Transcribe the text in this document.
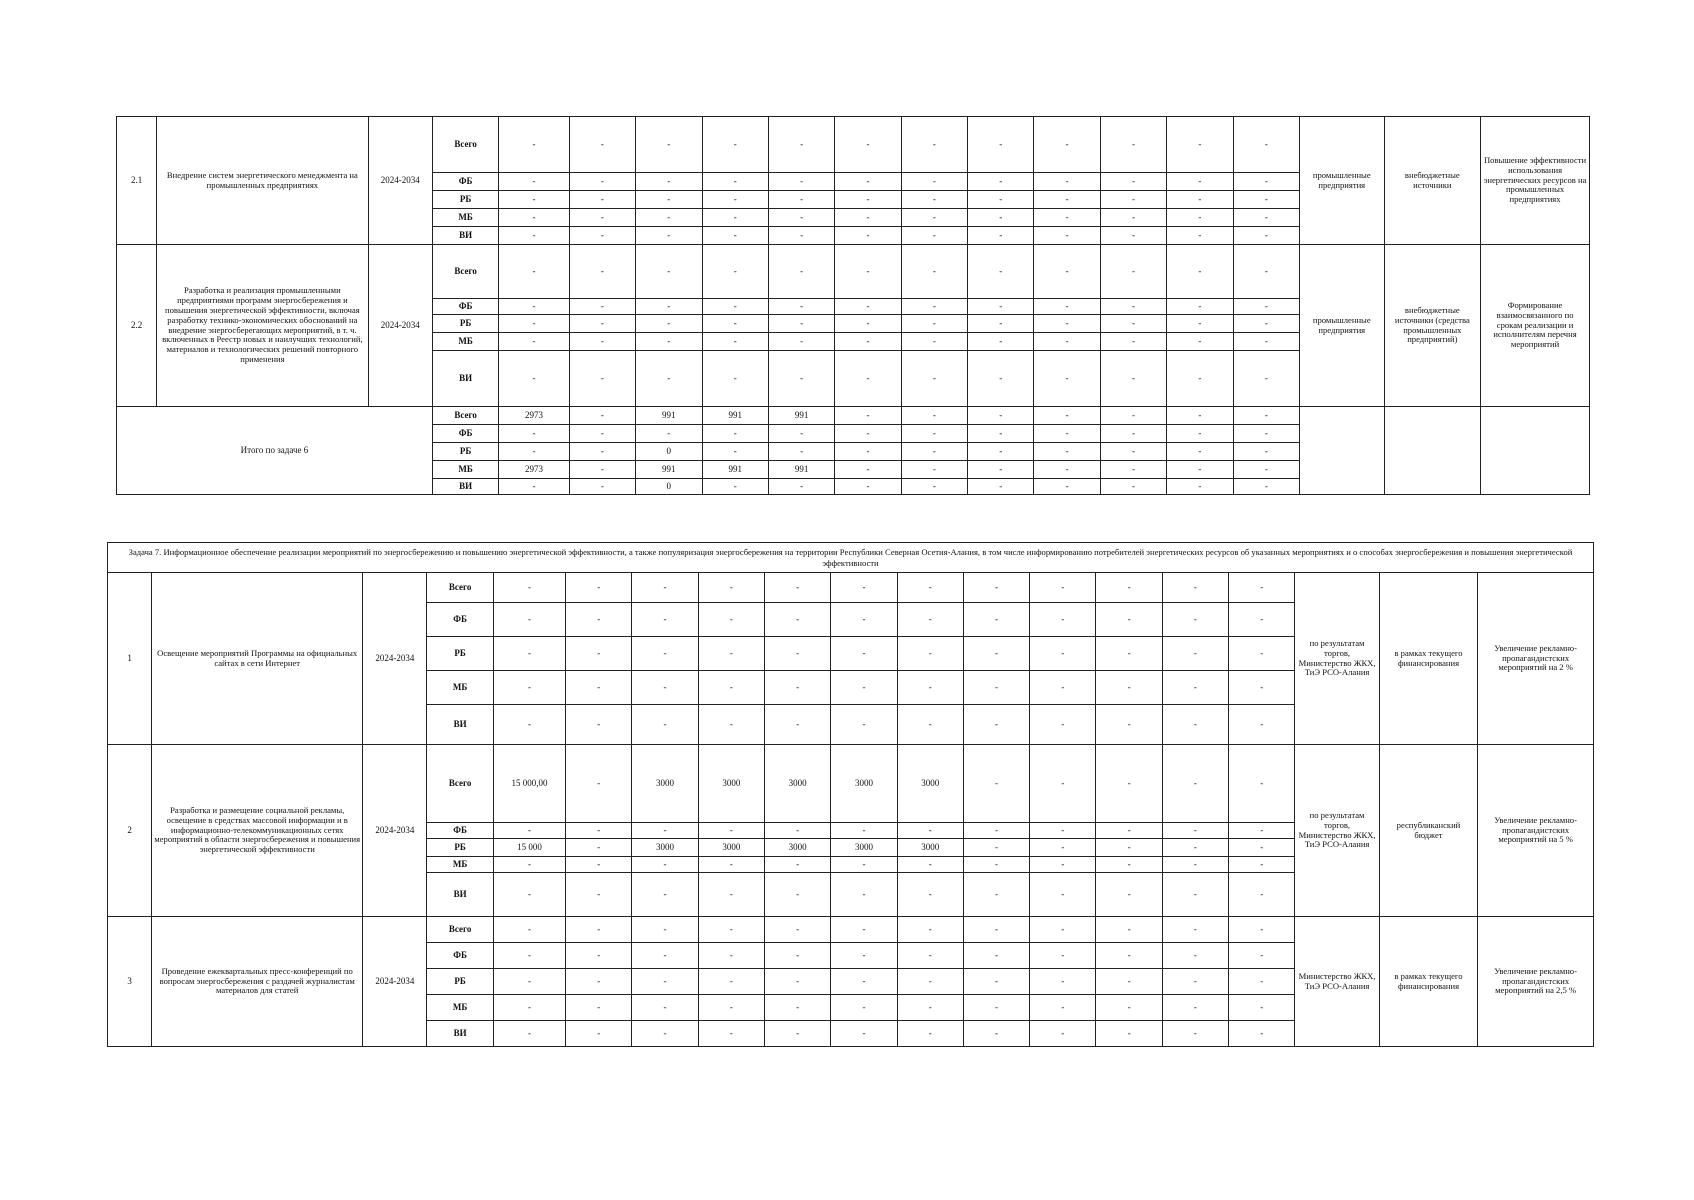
2.1	Внедрение систем энергетического менеджмента на промышленных предприятиях	2024-2034	Всего	-	-	-	-	-	-	-	-	-	-	-	-	промышленные предприятия	внебюджетные источники	Повышение эффективности использования энергетических ресурсов на промышленных предприятиях
			ФБ	-	-	-	-	-	-	-	-	-	-	-	-			
			РБ	-	-	-	-	-	-	-	-	-	-	-	-			
			МБ	-	-	-	-	-	-	-	-	-	-	-	-			
			ВИ	-	-	-	-	-	-	-	-	-	-	-	-			
2.2	Разработка и реализация промышленными предприятиями программ энергосбережения и повышения энергетической эффективности, включая разработку технико-экономических обоснований на внедрение энергосберегающих мероприятий, в т. ч. включенных в Реестр новых и наилучших технологий, материалов и технологических решений повторного применения	2024-2034	Всего	-	-	-	-	-	-	-	-	-	-	-	-	промышленные предприятия	внебюджетные источники (средства промышленных предприятий)	Формирование взаимосвязанного по срокам реализации и исполнителям перечня мероприятий
			ФБ	-	-	-	-	-	-	-	-	-	-	-	-			
			РБ	-	-	-	-	-	-	-	-	-	-	-	-			
			МБ	-	-	-	-	-	-	-	-	-	-	-	-			
			ВИ	-	-	-	-	-	-	-	-	-	-	-	-			
Итого по задаче 6			Всего	2973	-	991	991	991	-	-	-	-	-	-	-			
			ФБ	-	-	-	-	-	-	-	-	-	-	-	-			
			РБ	-	-	0	-	-	-	-	-	-	-	-	-			
			МБ	2973	-	991	991	991	-	-	-	-	-	-	-			
			ВИ	-	-	0	-	-	-	-	-	-	-	-	-			
Задача 7. Информационное обеспечение реализации мероприятий по энергосбережению и повышению энергетической эффективности, а также популяризация энергосбережения на территории Республики Северная Осетия-Алания, в том числе информированию потребителей энергетических ресурсов об указанных мероприятиях и о способах энергосбережения и повышения энергетической эффективности																		
1	Освещение мероприятий Программы на официальных сайтах в сети Интернет	2024-2034	Всего	-	-	-	-	-	-	-	-	-	-	-	-	по результатам торгов, Министерство ЖКХ, ТиЭ РСО-Алания	в рамках текущего финансирования	Увеличение рекламно-пропагандистских мероприятий на 2 %
			ФБ	-	-	-	-	-	-	-	-	-	-	-	-			
			РБ	-	-	-	-	-	-	-	-	-	-	-	-			
			МБ	-	-	-	-	-	-	-	-	-	-	-	-			
			ВИ	-	-	-	-	-	-	-	-	-	-	-	-			
2	Разработка и размещение социальной рекламы, освещение в средствах массовой информации и в информационно-телекоммуникационных сетях мероприятий в области энергосбережения и повышения энергетической эффективности	2024-2034	Всего	15 000,00	-	3000	3000	3000	3000	3000	-	-	-	-	-	по результатам торгов, Министерство ЖКХ, ТиЭ РСО-Алания	республиканский бюджет	Увеличение рекламно-пропагандистских мероприятий на 5 %
			ФБ	-	-	-	-	-	-	-	-	-	-	-	-			
			РБ	15 000	-	3000	3000	3000	3000	3000	-	-	-	-	-			
			МБ	-	-	-	-	-	-	-	-	-	-	-	-			
			ВИ	-	-	-	-	-	-	-	-	-	-	-	-			
3	Проведение ежеквартальных пресс-конференций по вопросам энергосбережения с раздачей журналистам материалов для статей	2024-2034	Всего	-	-	-	-	-	-	-	-	-	-	-	-	Министерство ЖКХ, ТиЭ РСО-Алания	в рамках текущего финансирования	Увеличение рекламно-пропагандистских мероприятий на 2,5 %
			ФБ	-	-	-	-	-	-	-	-	-	-	-	-			
			РБ	-	-	-	-	-	-	-	-	-	-	-	-			
			МБ	-	-	-	-	-	-	-	-	-	-	-	-			
			ВИ	-	-	-	-	-	-	-	-	-	-	-	-			
